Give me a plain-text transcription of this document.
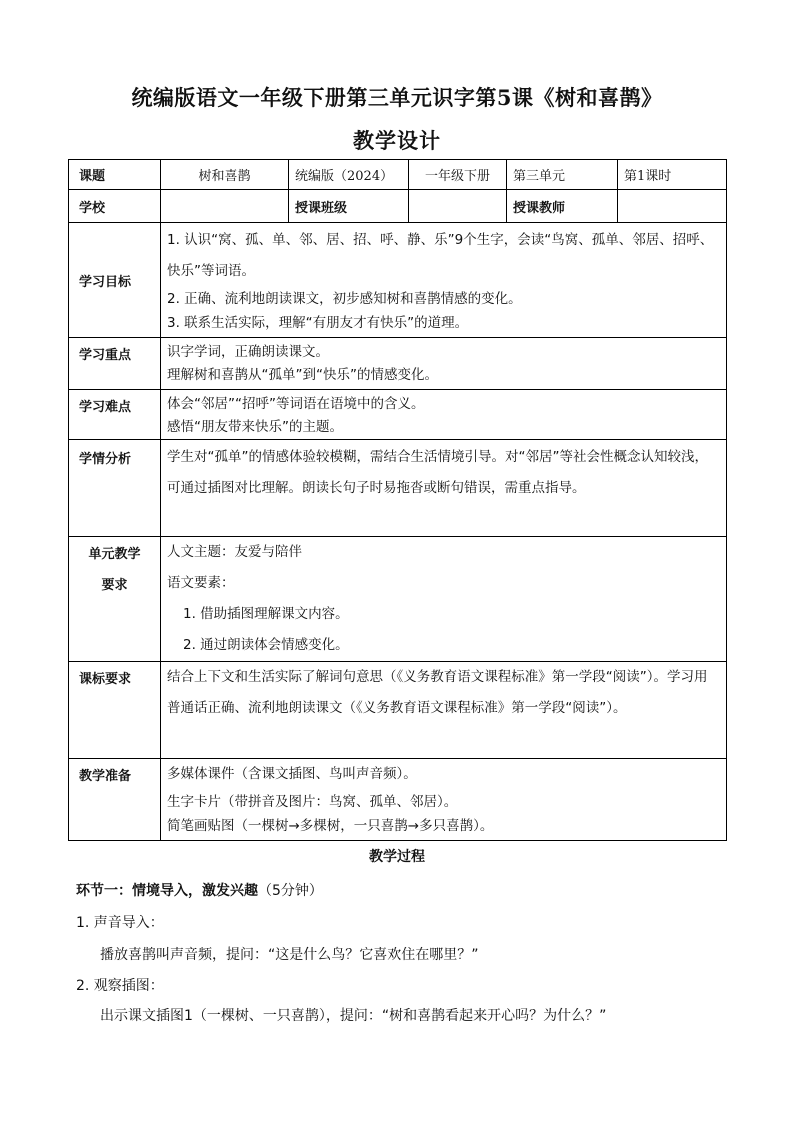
统编版语文一年级下册第三单元识字第5课《树和喜鹊》
教学设计
课题	树和喜鹊	统编版（2024）	一年级下册	第三单元	第1课时
学校		授课班级		授课教师	
学习目标	1. 认识“窝、孤、单、邻、居、招、呼、静、乐”9个生字，会读“鸟窝、孤单、邻居、招呼、快乐”等词语。
2. 正确、流利地朗读课文，初步感知树和喜鹊情感的变化。
3. 联系生活实际，理解“有朋友才有快乐”的道理。				

学习重点	识字学词，正确朗读课文。
理解树和喜鹊从“孤单”到“快乐”的情感变化。				

学习难点	体会“邻居”“招呼”等词语在语境中的含义。
感悟“朋友带来快乐”的主题。				

学情分析	学生对“孤单”的情感体验较模糊，需结合生活情境引导。对“邻居”等社会性概念认知较浅，可通过插图对比理解。朗读长句子时易拖沓或断句错误，需重点指导。				

单元教学
要求	人文主题：友爱与陪伴
语文要素：
1. 借助插图理解课文内容。
2. 通过朗读体会情感变化。				

课标要求	结合上下文和生活实际了解词句意思（《义务教育语文课程标准》第一学段“阅读”）。学习用普通话正确、流利地朗读课文（《义务教育语文课程标准》第一学段“阅读”）。				
教学准备	多媒体课件（含课文插图、鸟叫声音频）。
生字卡片（带拼音及图片：鸟窝、孤单、邻居）。
简笔画贴图（一棵树→多棵树，一只喜鹊→多只喜鹊）。				
教学过程
环节一：情境导入，激发兴趣（5分钟）
1. 声音导入：
播放喜鹊叫声音频，提问：“这是什么鸟？它喜欢住在哪里？”
2. 观察插图：
出示课文插图1（一棵树、一只喜鹊），提问：“树和喜鹊看起来开心吗？为什么？”
